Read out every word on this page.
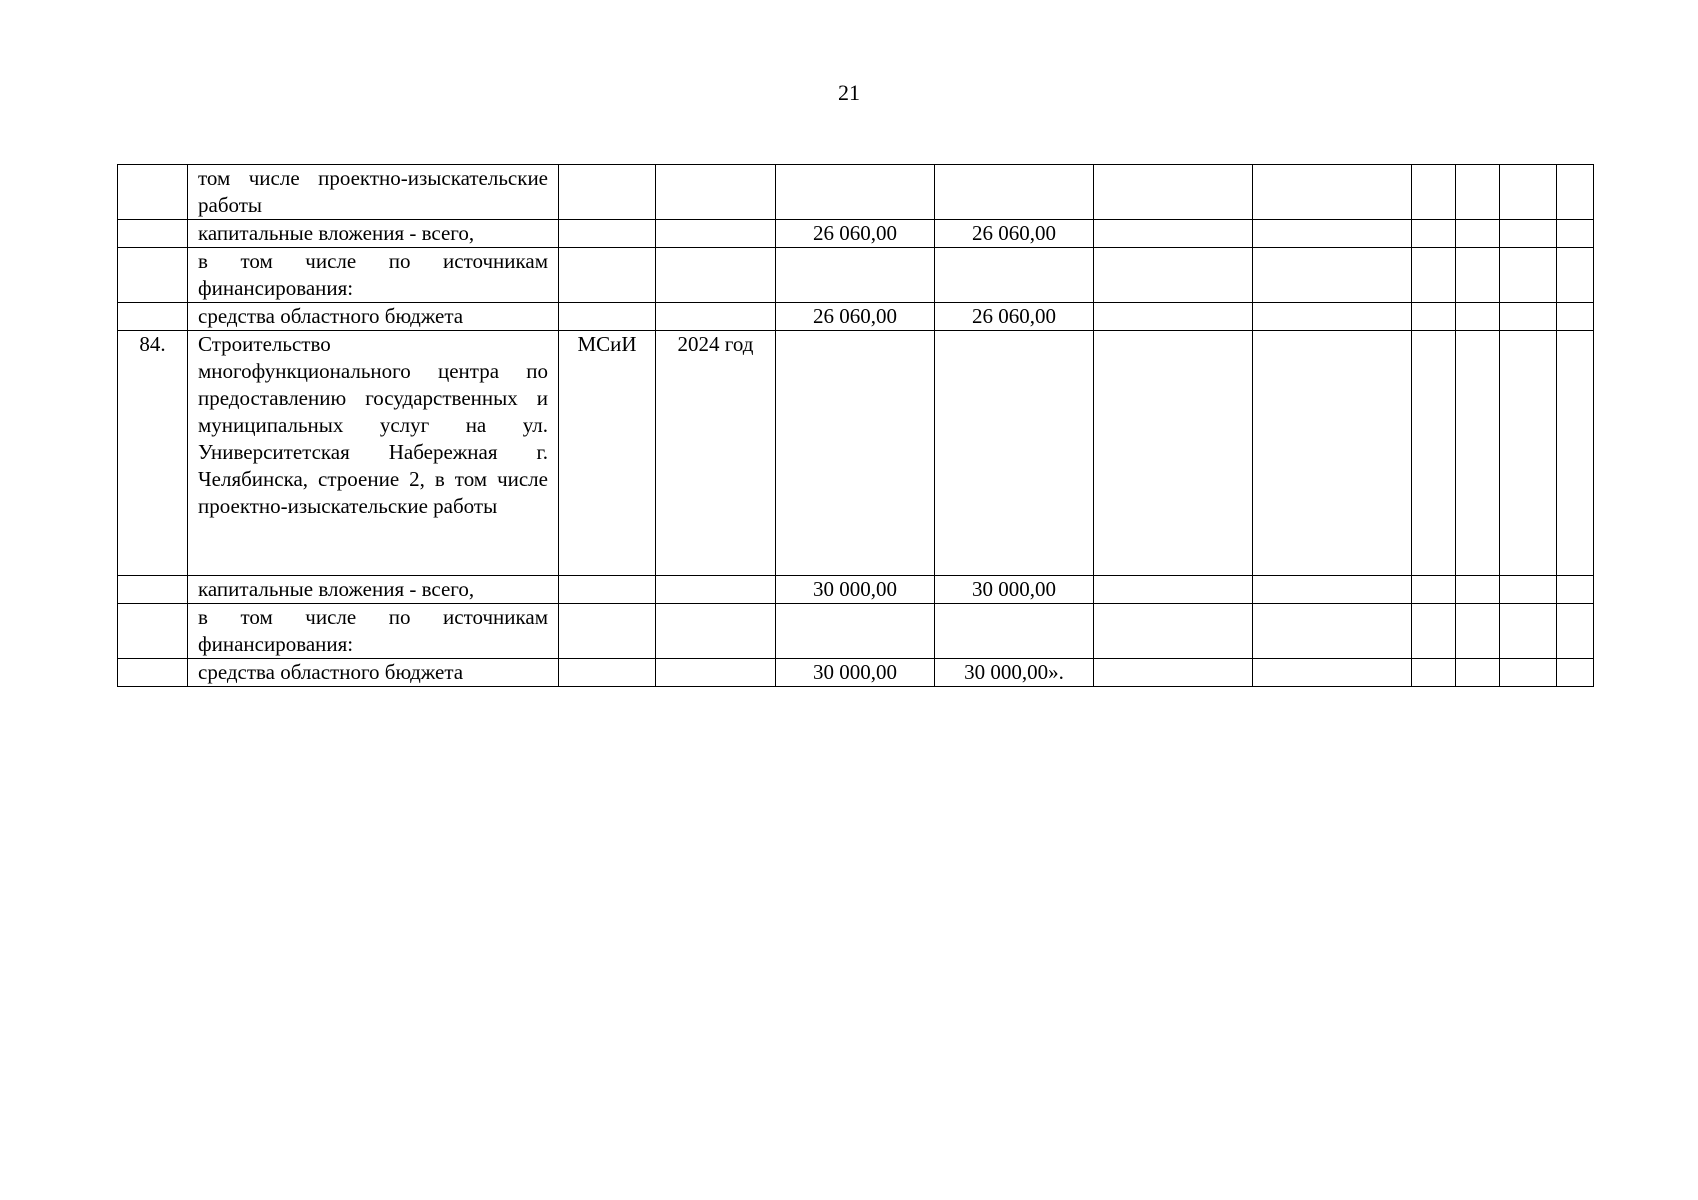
21
	том числе проектно-изыскательские работы										
	капитальные вложения - всего,			26 060,00	26 060,00						
	в том числе по источникам финансирования:										
	средства областного бюджета			26 060,00	26 060,00						
84.	Строительство многофункционального центра по предоставлению государственных и муниципальных услуг на ул. Университетская Набережная г. Челябинска, строение 2, в том числе проектно-изыскательские работы	МСиИ	2024 год								
	капитальные вложения - всего,			30 000,00	30 000,00						
	в том числе по источникам финансирования:										
	средства областного бюджета			30 000,00	30 000,00».						
